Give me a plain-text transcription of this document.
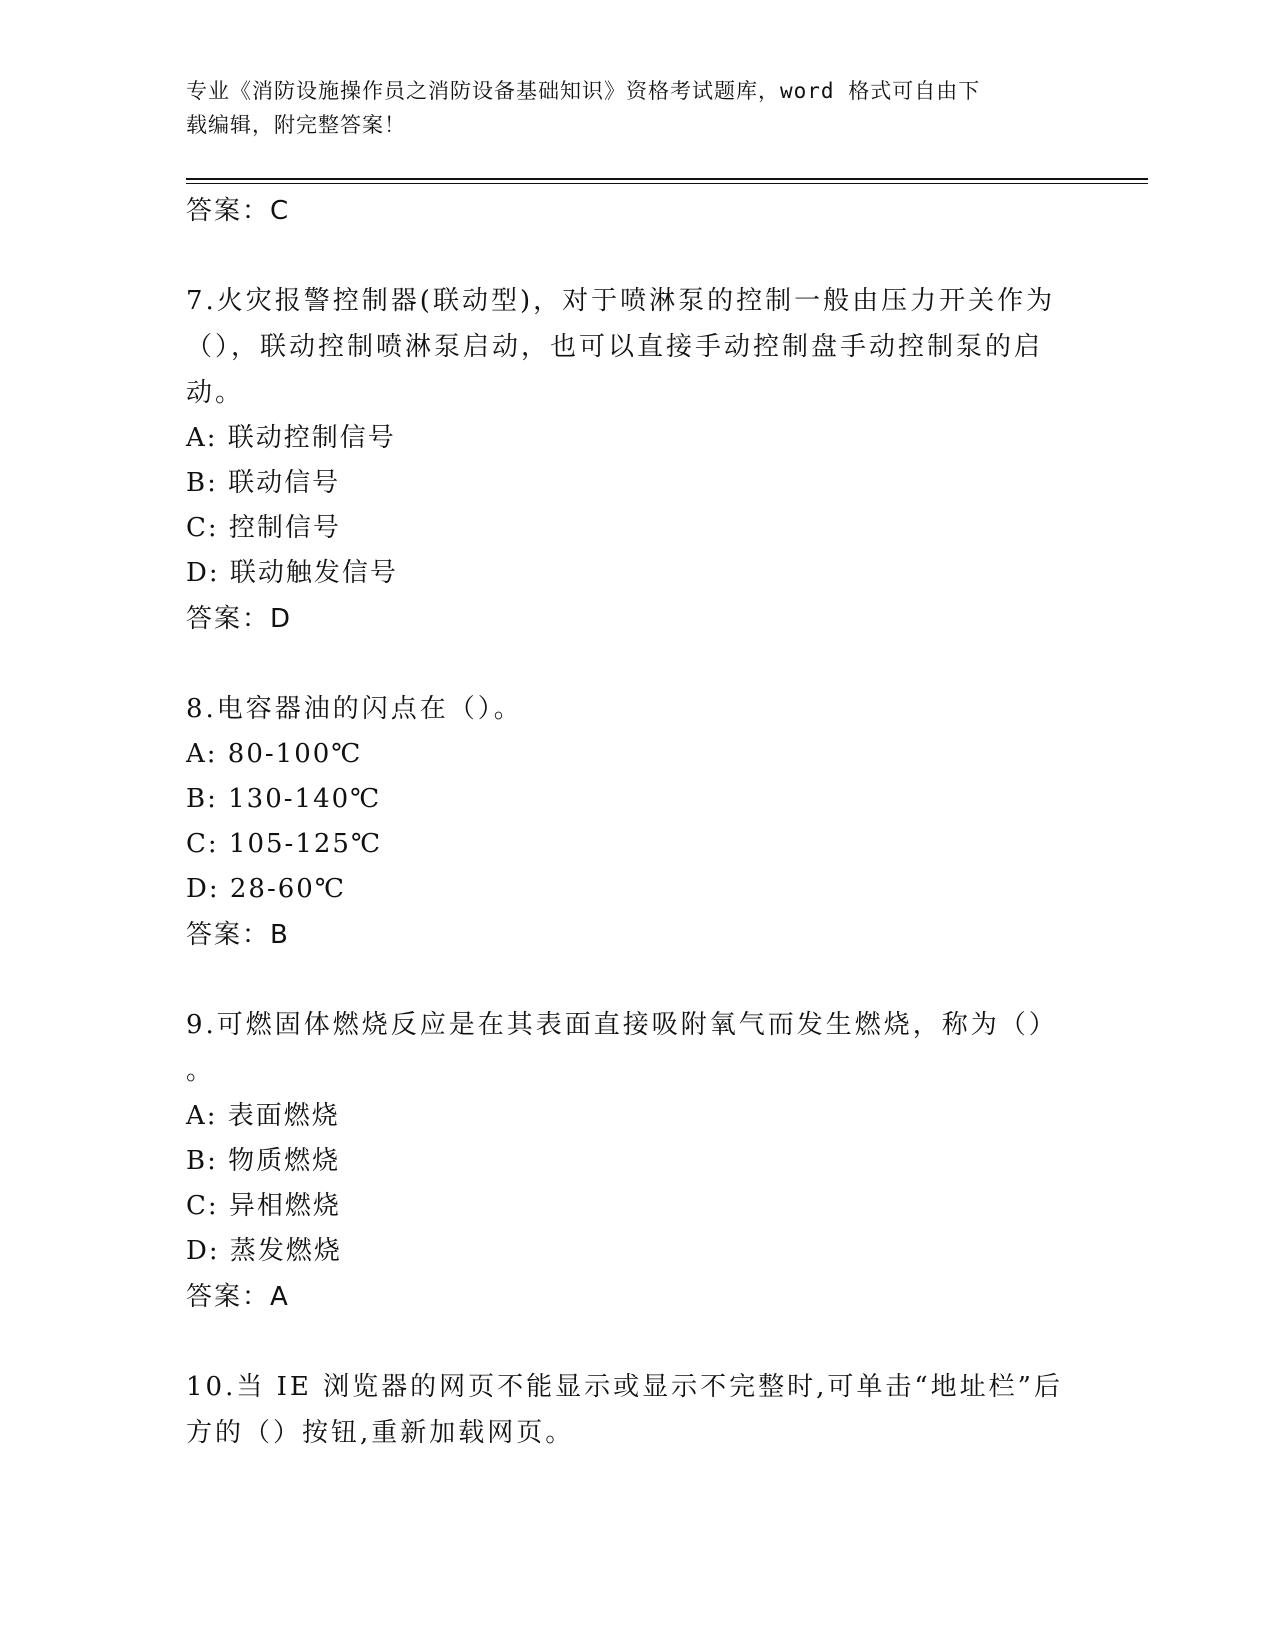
专业《消防设施操作员之消防设备基础知识》资格考试题库，word 格式可自由下
载编辑，附完整答案！
答案：C
7.火灾报警控制器(联动型)，对于喷淋泵的控制一般由压力开关作为
（），联动控制喷淋泵启动，也可以直接手动控制盘手动控制泵的启
动。
A: 联动控制信号
B: 联动信号
C: 控制信号
D: 联动触发信号
答案：D
8.电容器油的闪点在（）。
A: 80-100℃
B: 130-140℃
C: 105-125℃
D: 28-60℃
答案：B
9.可燃固体燃烧反应是在其表面直接吸附氧气而发生燃烧，称为（）
。
A: 表面燃烧
B: 物质燃烧
C: 异相燃烧
D: 蒸发燃烧
答案：A
10.当 IE 浏览器的网页不能显示或显示不完整时,可单击“地址栏”后
方的（）按钮,重新加载网页。
